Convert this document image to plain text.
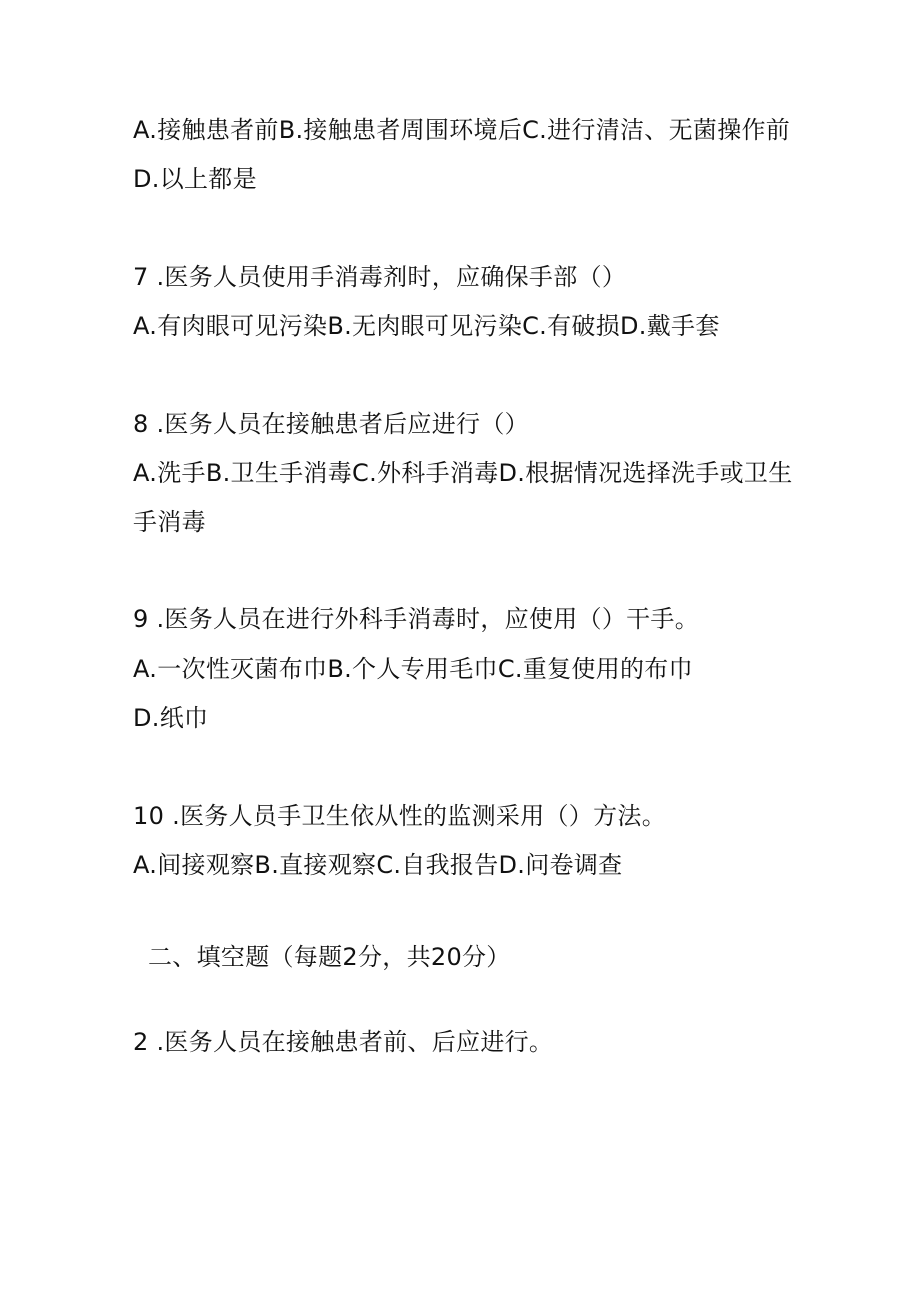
A.接触患者前B.接触患者周围环境后C.进行清洁、无菌操作前
D.以上都是
7 .医务人员使用手消毒剂时，应确保手部（）
A.有肉眼可见污染B.无肉眼可见污染C.有破损D.戴手套
8 .医务人员在接触患者后应进行（）
A.洗手B.卫生手消毒C.外科手消毒D.根据情况选择洗手或卫生
手消毒
9 .医务人员在进行外科手消毒时，应使用（）干手。
A.一次性灭菌布巾B.个人专用毛巾C.重复使用的布巾
D.纸巾
10 .医务人员手卫生依从性的监测采用（）方法。
A.间接观察B.直接观察C.自我报告D.问卷调查
二、填空题（每题2分，共20分）
2 .医务人员在接触患者前、后应进行。
